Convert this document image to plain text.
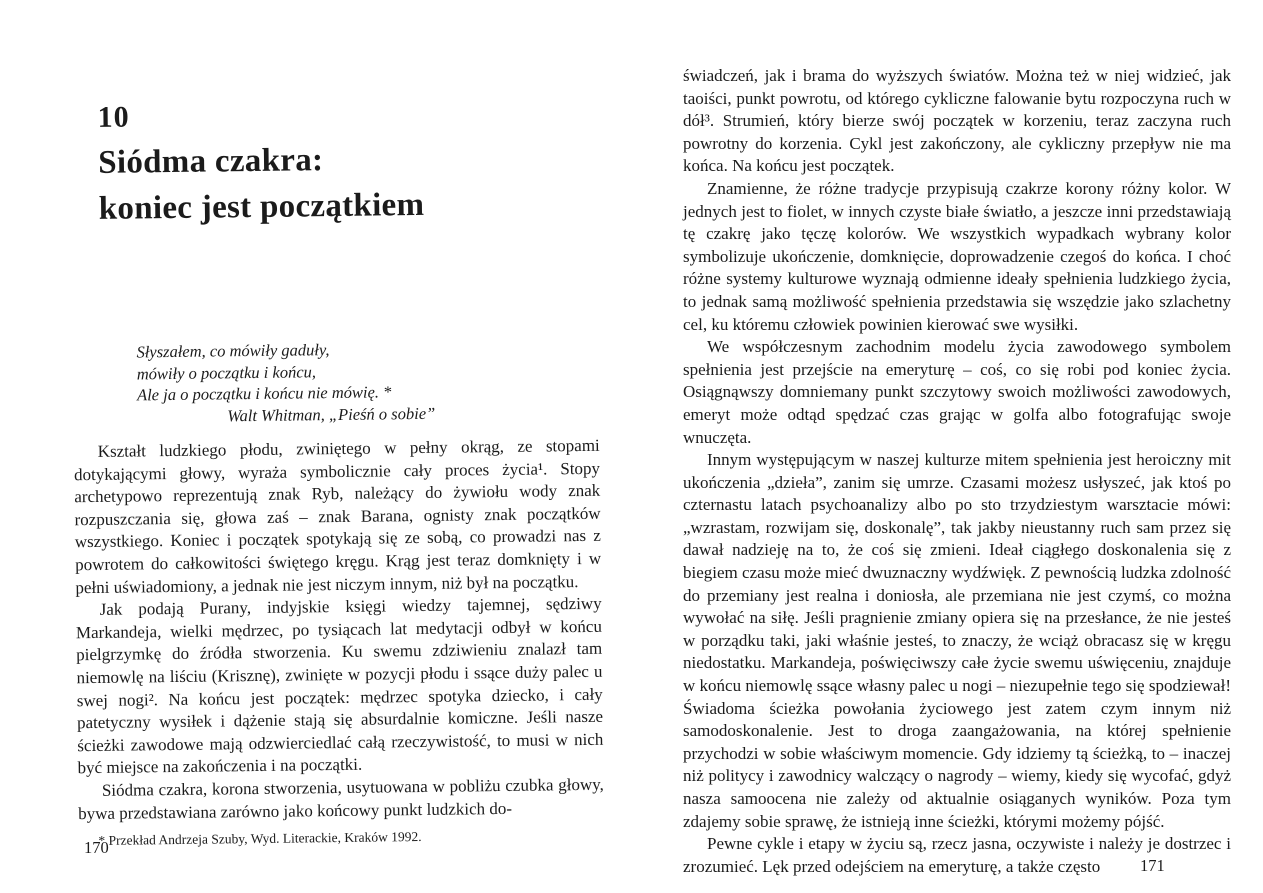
10
Siódma czakra:
koniec jest początkiem
Słyszałem, co mówiły gaduły,
mówiły o początku i końcu,
Ale ja o początku i końcu nie mówię. *
Walt Whitman, „Pieśń o sobie”

Kształt ludzkiego płodu, zwiniętego w pełny okrąg, ze stopami dotykającymi głowy, wyraża symbolicznie cały proces życia¹. Stopy archetypowo reprezentują znak Ryb, należący do żywiołu wody znak rozpuszczania się, głowa zaś – znak Barana, ognisty znak początków wszystkiego. Koniec i początek spotykają się ze sobą, co prowadzi nas z powrotem do całkowitości świętego kręgu. Krąg jest teraz domknięty i w pełni uświadomiony, a jednak nie jest niczym innym, niż był na początku.

Jak podają Purany, indyjskie księgi wiedzy tajemnej, sędziwy Markandeja, wielki mędrzec, po tysiącach lat medytacji odbył w końcu pielgrzymkę do źródła stworzenia. Ku swemu zdziwieniu znalazł tam niemowlę na liściu (Krisznę), zwinięte w pozycji płodu i ssące duży palec u swej nogi². Na końcu jest początek: mędrzec spotyka dziecko, i cały patetyczny wysiłek i dążenie stają się absurdalnie komiczne. Jeśli nasze ścieżki zawodowe mają odzwierciedlać całą rzeczywistość, to musi w nich być miejsce na zakończenia i na początki.

Siódma czakra, korona stworzenia, usytuowana w pobliżu czubka głowy, bywa przedstawiana zarówno jako końcowy punkt ludzkich do-

* Przekład Andrzeja Szuby, Wyd. Literackie, Kraków 1992.

świadczeń, jak i brama do wyższych światów. Można też w niej widzieć, jak taoiści, punkt powrotu, od którego cykliczne falowanie bytu rozpoczyna ruch w dół³. Strumień, który bierze swój początek w korzeniu, teraz zaczyna ruch powrotny do korzenia. Cykl jest zakończony, ale cykliczny przepływ nie ma końca. Na końcu jest początek.

Znamienne, że różne tradycje przypisują czakrze korony różny kolor. W jednych jest to fiolet, w innych czyste białe światło, a jeszcze inni przedstawiają tę czakrę jako tęczę kolorów. We wszystkich wypadkach wybrany kolor symbolizuje ukończenie, domknięcie, doprowadzenie czegoś do końca. I choć różne systemy kulturowe wyznają odmienne ideały spełnienia ludzkiego życia, to jednak samą możliwość spełnienia przedstawia się wszędzie jako szlachetny cel, ku któremu człowiek powinien kierować swe wysiłki.

We współczesnym zachodnim modelu życia zawodowego symbolem spełnienia jest przejście na emeryturę – coś, co się robi pod koniec życia. Osiągnąwszy domniemany punkt szczytowy swoich możliwości zawodowych, emeryt może odtąd spędzać czas grając w golfa albo fotografując swoje wnuczęta.

Innym występującym w naszej kulturze mitem spełnienia jest heroiczny mit ukończenia „dzieła”, zanim się umrze. Czasami możesz usłyszeć, jak ktoś po czternastu latach psychoanalizy albo po sto trzydziestym warsztacie mówi: „wzrastam, rozwijam się, doskonalę”, tak jakby nieustanny ruch sam przez się dawał nadzieję na to, że coś się zmieni. Ideał ciągłego doskonalenia się z biegiem czasu może mieć dwuznaczny wydźwięk. Z pewnością ludzka zdolność do przemiany jest realna i doniosła, ale przemiana nie jest czymś, co można wywołać na siłę. Jeśli pragnienie zmiany opiera się na przesłance, że nie jesteś w porządku taki, jaki właśnie jesteś, to znaczy, że wciąż obracasz się w kręgu niedostatku. Markandeja, poświęciwszy całe życie swemu uświęceniu, znajduje w końcu niemowlę ssące własny palec u nogi – niezupełnie tego się spodziewał! Świadoma ścieżka powołania życiowego jest zatem czym innym niż samodoskonalenie. Jest to droga zaangażowania, na której spełnienie przychodzi w sobie właściwym momencie. Gdy idziemy tą ścieżką, to – inaczej niż politycy i zawodnicy walczący o nagrody – wiemy, kiedy się wycofać, gdyż nasza samoocena nie zależy od aktualnie osiąganych wyników. Poza tym zdajemy sobie sprawę, że istnieją inne ścieżki, którymi możemy pójść.

Pewne cykle i etapy w życiu są, rzecz jasna, oczywiste i należy je dostrzec i zrozumieć. Lęk przed odejściem na emeryturę, a także często

170
171
